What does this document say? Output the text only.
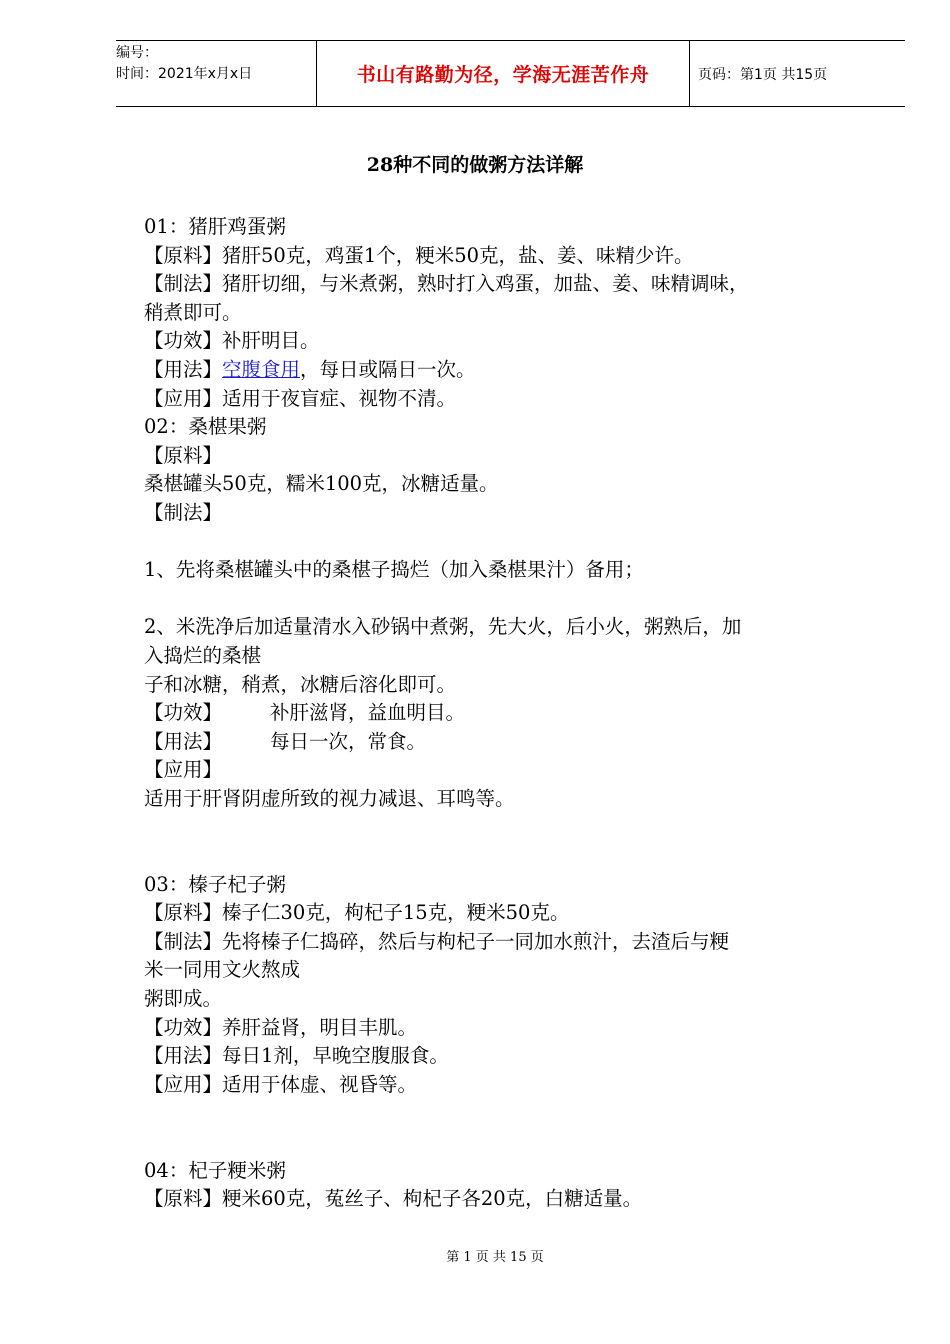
编号：
时间：2021年x月x日	书山有路勤为径，学海无涯苦作舟	页码：第1页 共15页
28种不同的做粥方法详解
01：猪肝鸡蛋粥
【原料】猪肝50克，鸡蛋1个，粳米50克，盐、姜、味精少许。
【制法】猪肝切细，与米煮粥，熟时打入鸡蛋，加盐、姜、味精调味，
稍煮即可。
【功效】补肝明目。
【用法】空腹食用，每日或隔日一次。
【应用】适用于夜盲症、视物不清。
02：桑椹果粥
【原料】
桑椹罐头50克，糯米100克，冰糖适量。
【制法】
1、先将桑椹罐头中的桑椹子捣烂（加入桑椹果汁）备用；
2、米洗净后加适量清水入砂锅中煮粥，先大火，后小火，粥熟后，加
入捣烂的桑椹
子和冰糖，稍煮，冰糖后溶化即可。
【功效】 补肝滋肾，益血明目。
【用法】 每日一次，常食。
【应用】
适用于肝肾阴虚所致的视力减退、耳鸣等。
03：榛子杞子粥
【原料】榛子仁30克，枸杞子15克，粳米50克。
【制法】先将榛子仁捣碎，然后与枸杞子一同加水煎汁，去渣后与粳
米一同用文火熬成
粥即成。
【功效】养肝益肾，明目丰肌。
【用法】每日1剂，早晚空腹服食。
【应用】适用于体虚、视昏等。
04：杞子粳米粥
【原料】粳米60克，菟丝子、枸杞子各20克，白糖适量。
第 1 页 共 15 页
